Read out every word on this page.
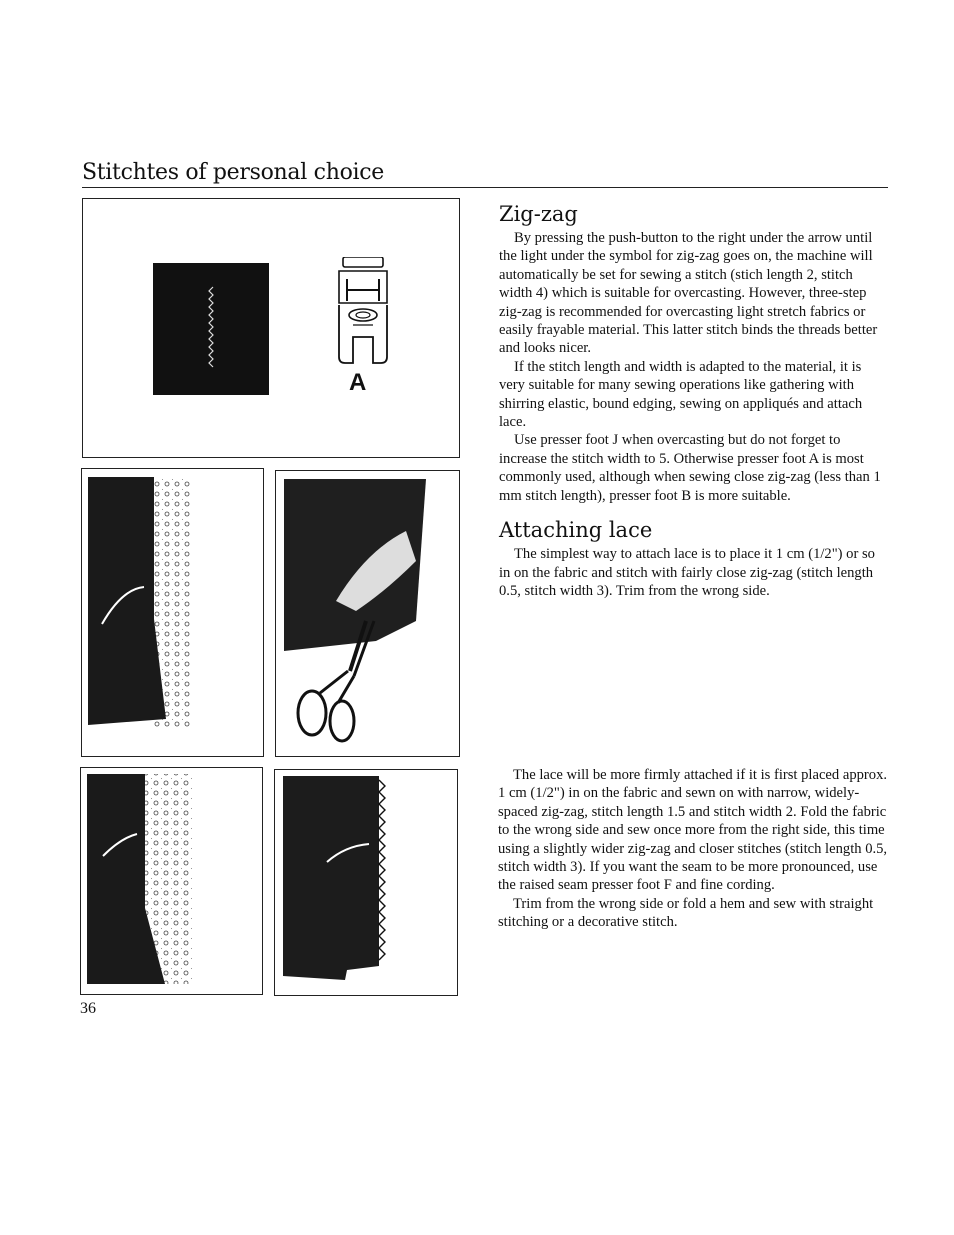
Stitchtes of personal choice
A
Zig-zag

By pressing the push-button to the right under the arrow until the light under the symbol for zig-zag goes on, the machine will automatically be set for sewing a stitch (stich length 2, stitch width 4) which is suitable for overcasting. However, three-step zig-zag is recommended for overcasting light stretch fabrics or easily frayable material. This latter stitch binds the threads better and looks nicer.

If the stitch length and width is adapted to the material, it is very suitable for many sewing operations like gathering with shirring elastic, bound edging, sewing on appliqués and attach lace.

Use presser foot J when overcasting but do not forget to increase the stitch width to 5. Otherwise presser foot A is most commonly used, although when sewing close zig-zag (less than 1 mm stitch length), presser foot B is more suitable.

Attaching lace

The simplest way to attach lace is to place it 1 cm (1/2") or so in on the fabric and stitch with fairly close zig-zag (stitch length 0.5, stitch width 3). Trim from the wrong side.

The lace will be more firmly attached if it is first placed approx. 1 cm (1/2") in on the fabric and sewn on with narrow, widely-spaced zig-zag, stitch length 1.5 and stitch width 2. Fold the fabric to the wrong side and sew once more from the right side, this time using a slightly wider zig-zag and closer stitches (stitch length 0.5, stitch width 3). If you want the seam to be more pronounced, use the raised seam presser foot F and fine cording.

Trim from the wrong side or fold a hem and sew with straight stitching or a decorative stitch.

36
